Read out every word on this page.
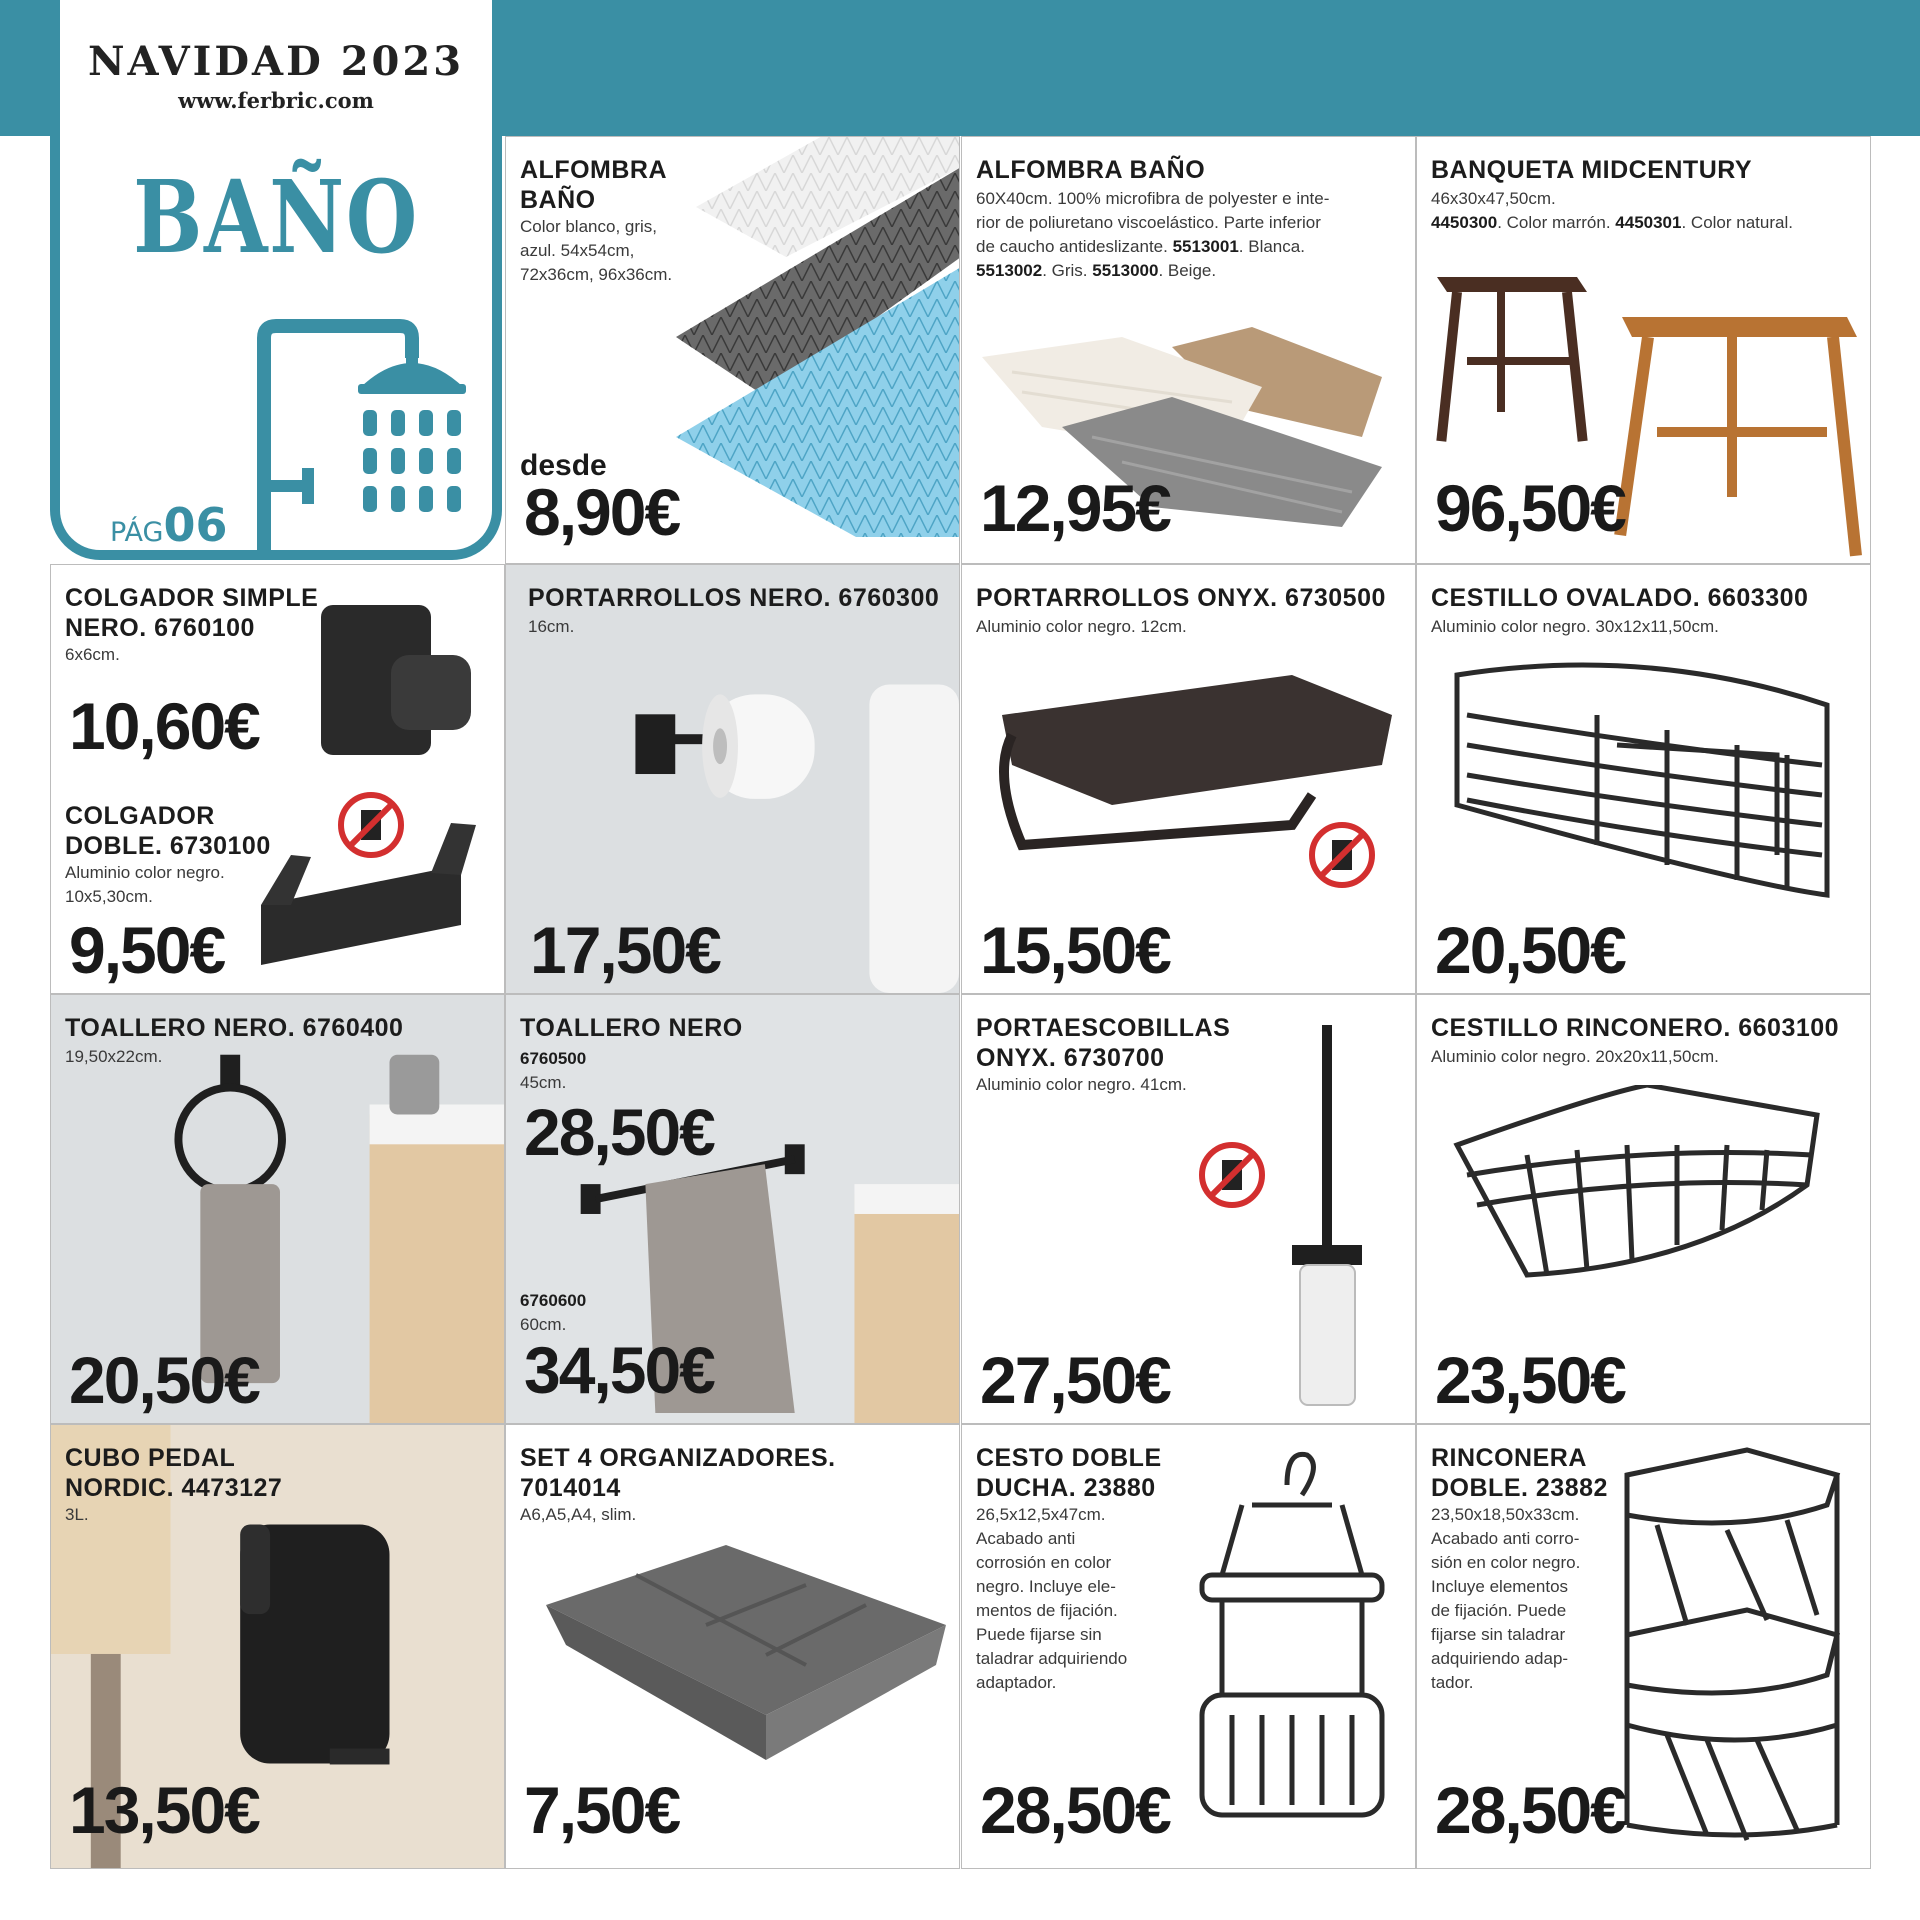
NAVIDAD 2023
www.ferbric.com
BAÑO
PÁG06
ALFOMBRA
BAÑO
Color blanco, gris,
azul. 54x54cm,
72x36cm, 96x36cm.
desde
8,90€
ALFOMBRA BAÑO
60X40cm. 100% microfibra de polyester e inte-
rior de poliuretano viscoelástico. Parte inferior
de caucho antideslizante. 5513001. Blanca.
5513002. Gris. 5513000. Beige.
12,95€
BANQUETA MIDCENTURY
46x30x47,50cm.
4450300. Color marrón. 4450301. Color natural.
96,50€
COLGADOR SIMPLE
NERO. 6760100
6x6cm.
10,60€
COLGADOR
DOBLE. 6730100
Aluminio color negro.
10x5,30cm.
9,50€
PORTARROLLOS NERO. 6760300
16cm.
17,50€
PORTARROLLOS ONYX. 6730500
Aluminio color negro. 12cm.
15,50€
CESTILLO OVALADO. 6603300
Aluminio color negro. 30x12x11,50cm.
20,50€
TOALLERO NERO. 6760400
19,50x22cm.
20,50€
TOALLERO NERO
6760500
45cm.
28,50€
6760600
60cm.
34,50€
PORTAESCOBILLAS
ONYX. 6730700
Aluminio color negro. 41cm.
27,50€
CESTILLO RINCONERO. 6603100
Aluminio color negro. 20x20x11,50cm.
23,50€
CUBO PEDAL
NORDIC. 4473127
3L.
13,50€
SET 4 ORGANIZADORES.
7014014
A6,A5,A4, slim.
7,50€
CESTO DOBLE
DUCHA. 23880
26,5x12,5x47cm.
Acabado anti
corrosión en color
negro. Incluye ele-
mentos de fijación.
Puede fijarse sin
taladrar adquiriendo
adaptador.
28,50€
RINCONERA
DOBLE. 23882
23,50x18,50x33cm.
Acabado anti corro-
sión en color negro.
Incluye elementos
de fijación. Puede
fijarse sin taladrar
adquiriendo adap-
tador.
28,50€
